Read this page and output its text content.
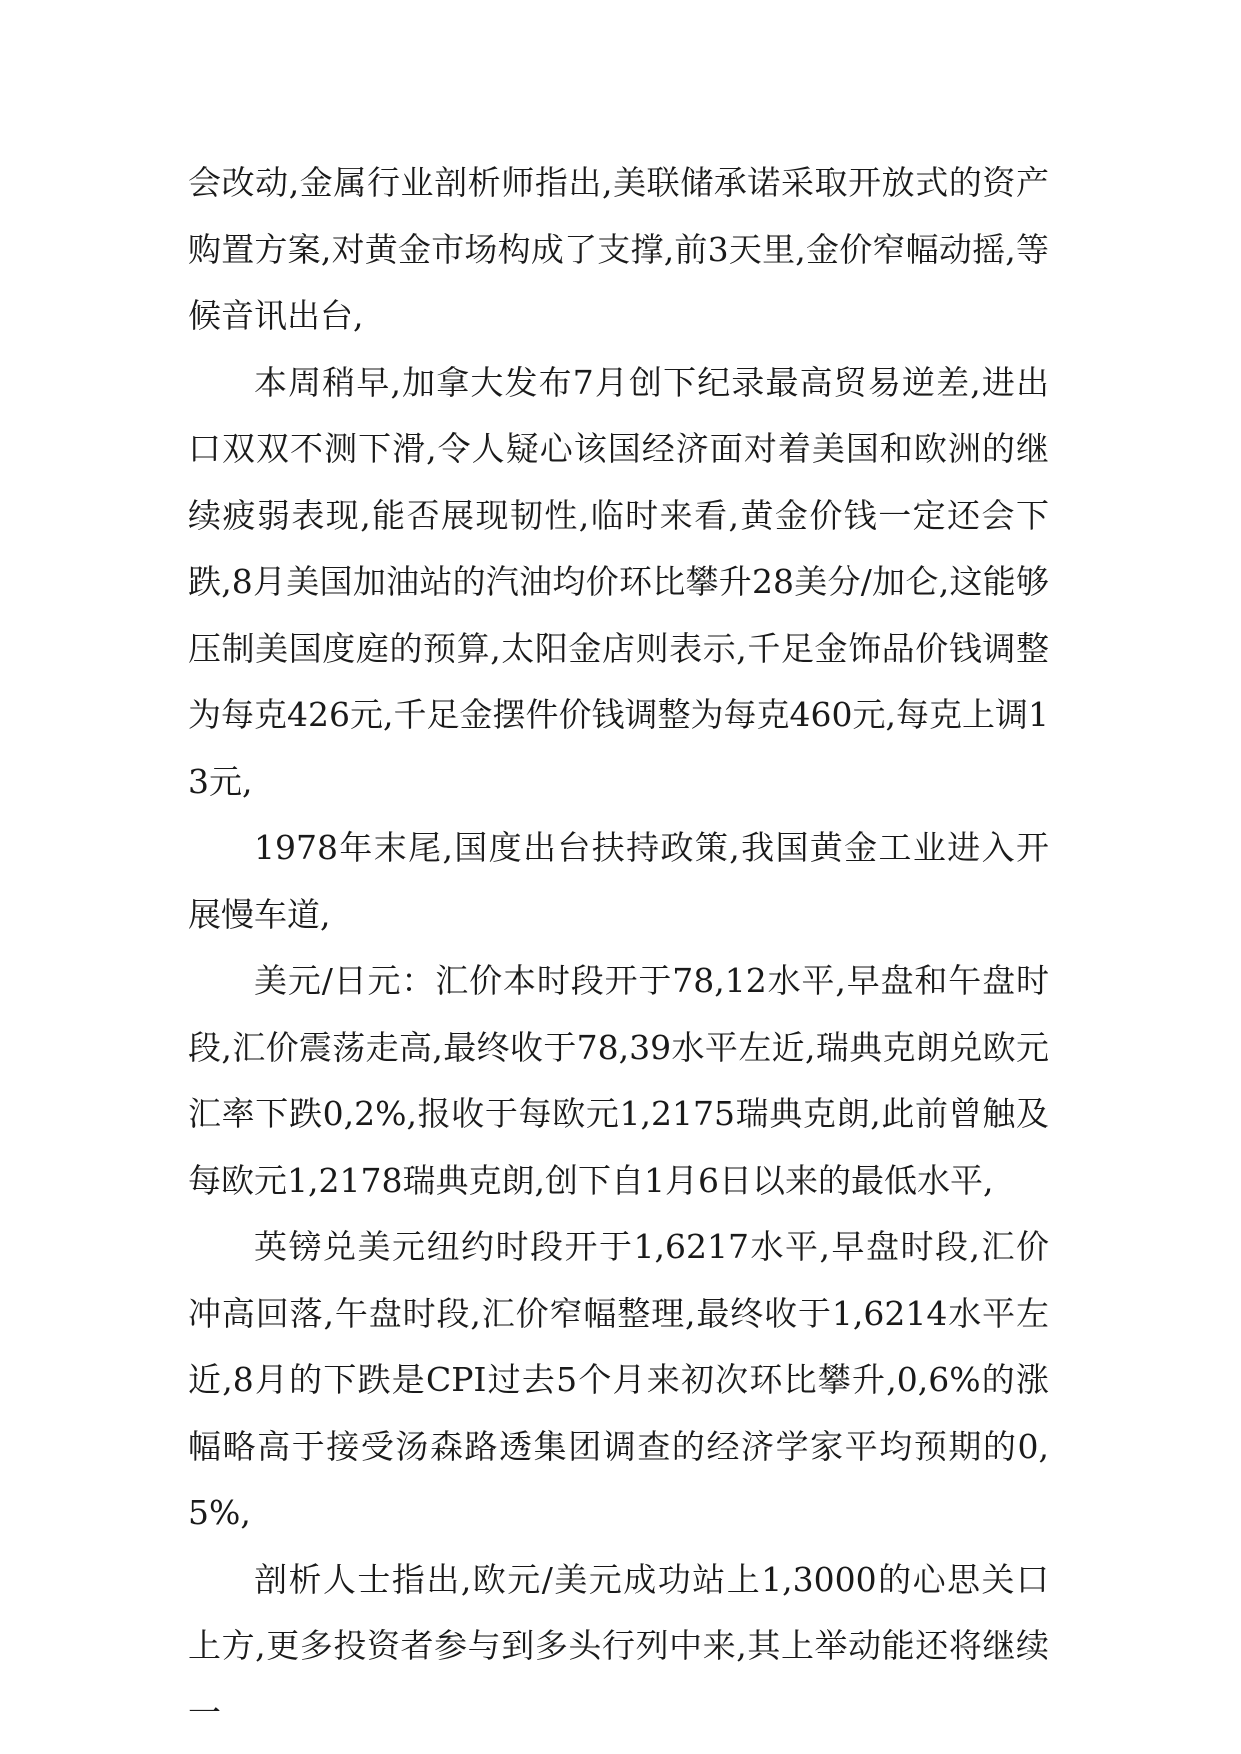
会改动,金属行业剖析师指出,美联储承诺采取开放式的资产购置方案,对黄金市场构成了支撑,前3天里,金价窄幅动摇,等候音讯出台,

本周稍早,加拿大发布7月创下纪录最高贸易逆差,进出口双双不测下滑,令人疑心该国经济面对着美国和欧洲的继续疲弱表现,能否展现韧性,临时来看,黄金价钱一定还会下跌,8月美国加油站的汽油均价环比攀升28美分/加仑,这能够压制美国度庭的预算,太阳金店则表示,千足金饰品价钱调整为每克426元,千足金摆件价钱调整为每克460元,每克上调13元,

1978年末尾,国度出台扶持政策,我国黄金工业进入开展慢车道,

美元/日元：汇价本时段开于78,12水平,早盘和午盘时段,汇价震荡走高,最终收于78,39水平左近,瑞典克朗兑欧元汇率下跌0,2%,报收于每欧元1,2175瑞典克朗,此前曾触及每欧元1,2178瑞典克朗,创下自1月6日以来的最低水平,

英镑兑美元纽约时段开于1,6217水平,早盘时段,汇价冲高回落,午盘时段,汇价窄幅整理,最终收于1,6214水平左近,8月的下跌是CPI过去5个月来初次环比攀升,0,6%的涨幅略高于接受汤森路透集团调查的经济学家平均预期的0,5%,

剖析人士指出,欧元/美元成功站上1,3000的心思关口上方,更多投资者参与到多头行列中来,其上举动能还将继续一
